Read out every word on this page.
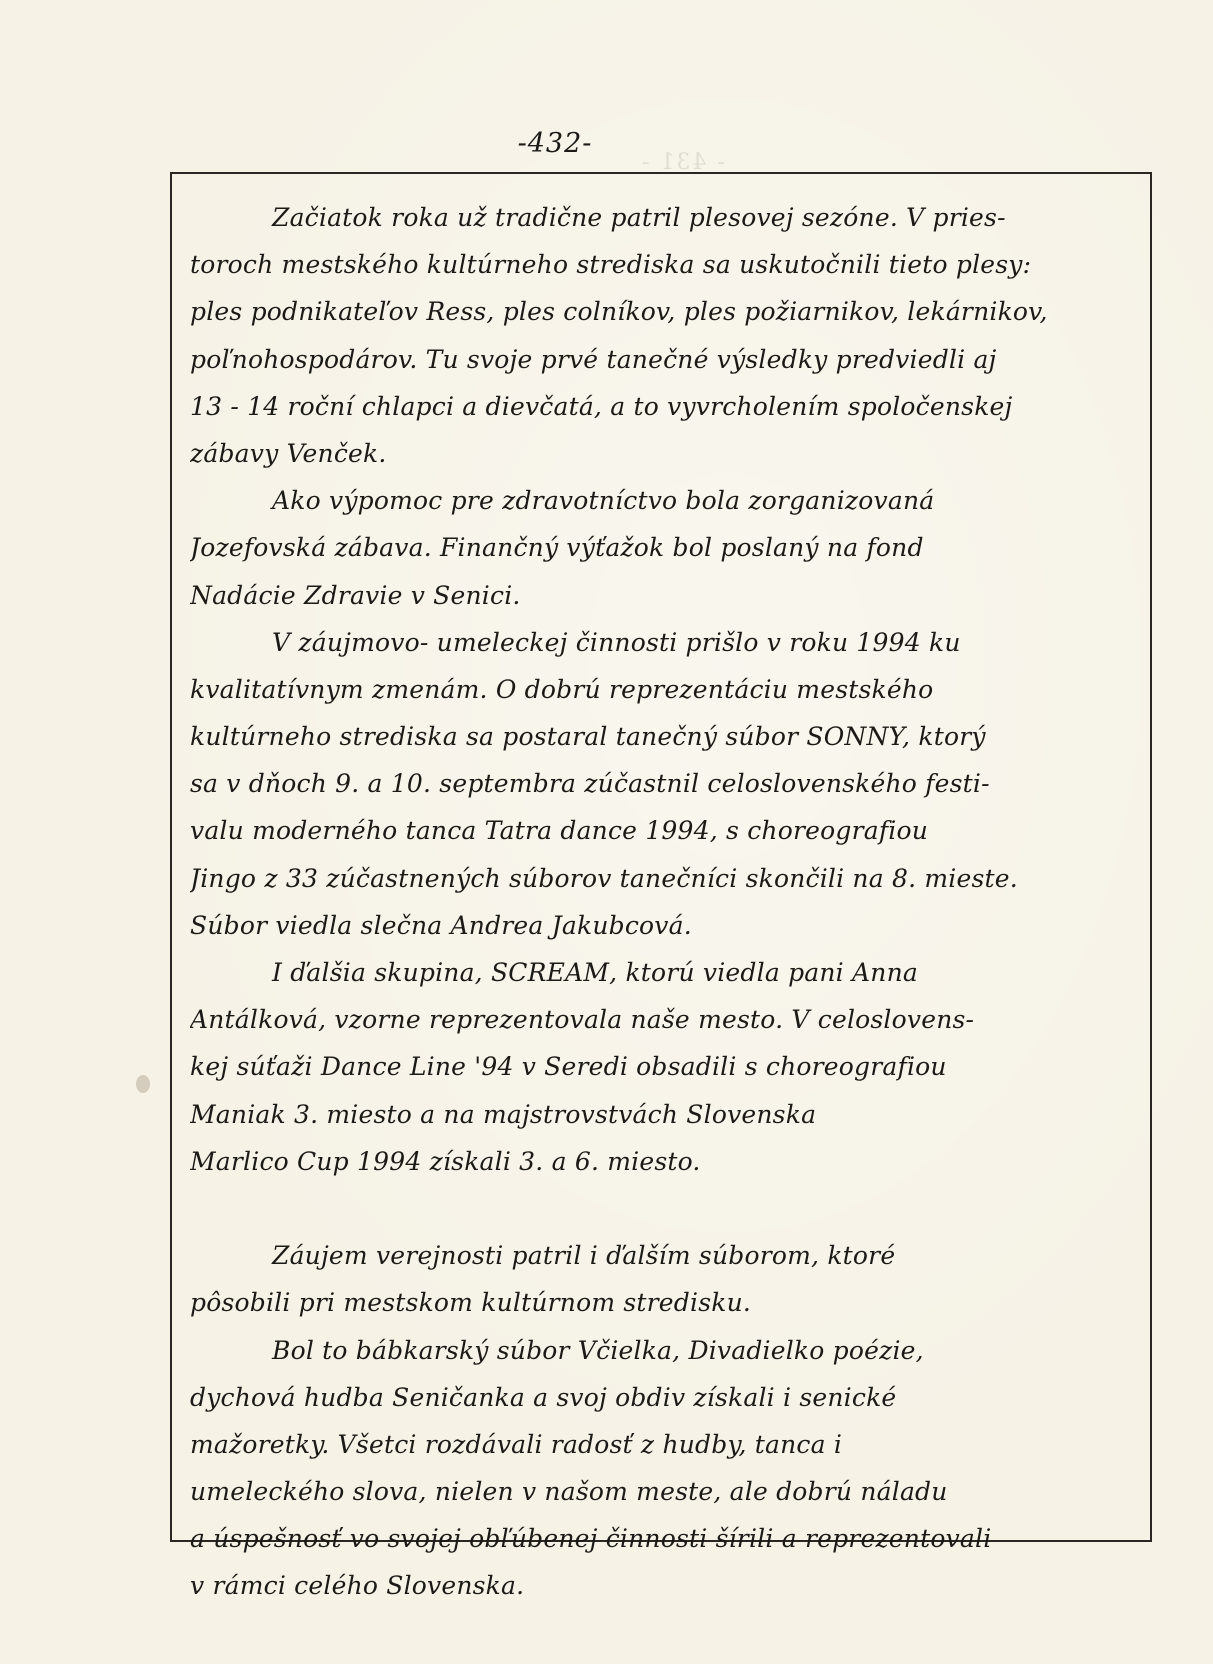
- 431 -
-432-
Začiatok roka už tradične patril plesovej sezóne. V pries-
toroch mestského kultúrneho strediska sa uskutočnili tieto plesy:
ples podnikateľov Ress, ples colníkov, ples požiarnikov, lekárnikov,
poľnohospodárov. Tu svoje prvé tanečné výsledky predviedli aj
13 - 14 roční chlapci a dievčatá, a to vyvrcholením spoločenskej
zábavy Venček.
Ako výpomoc pre zdravotníctvo bola zorganizovaná
Jozefovská zábava. Finančný výťažok bol poslaný na fond
Nadácie Zdravie v Senici.
V záujmovo- umeleckej činnosti prišlo v roku 1994 ku
kvalitatívnym zmenám. O dobrú reprezentáciu mestského
kultúrneho strediska sa postaral tanečný súbor SONNY, ktorý
sa v dňoch 9. a 10. septembra zúčastnil celoslovenského festi-
valu moderného tanca Tatra dance 1994, s choreografiou
Jingo z 33 zúčastnených súborov tanečníci skončili na 8. mieste.
Súbor viedla slečna Andrea Jakubcová.
I ďalšia skupina, SCREAM, ktorú viedla pani Anna
Antálková, vzorne reprezentovala naše mesto. V celoslovens-
kej súťaži Dance Line '94 v Seredi obsadili s choreografiou
Maniak 3. miesto a na majstrovstvách Slovenska
Marlico Cup 1994 získali 3. a 6. miesto.
Záujem verejnosti patril i ďalším súborom, ktoré
pôsobili pri mestskom kultúrnom stredisku.
Bol to bábkarský súbor Včielka, Divadielko poézie,
dychová hudba Seničanka a svoj obdiv získali i senické
mažoretky. Všetci rozdávali radosť z hudby, tanca i
umeleckého slova, nielen v našom meste, ale dobrú náladu
a úspešnosť vo svojej obľúbenej činnosti šírili a reprezentovali
v rámci celého Slovenska.
